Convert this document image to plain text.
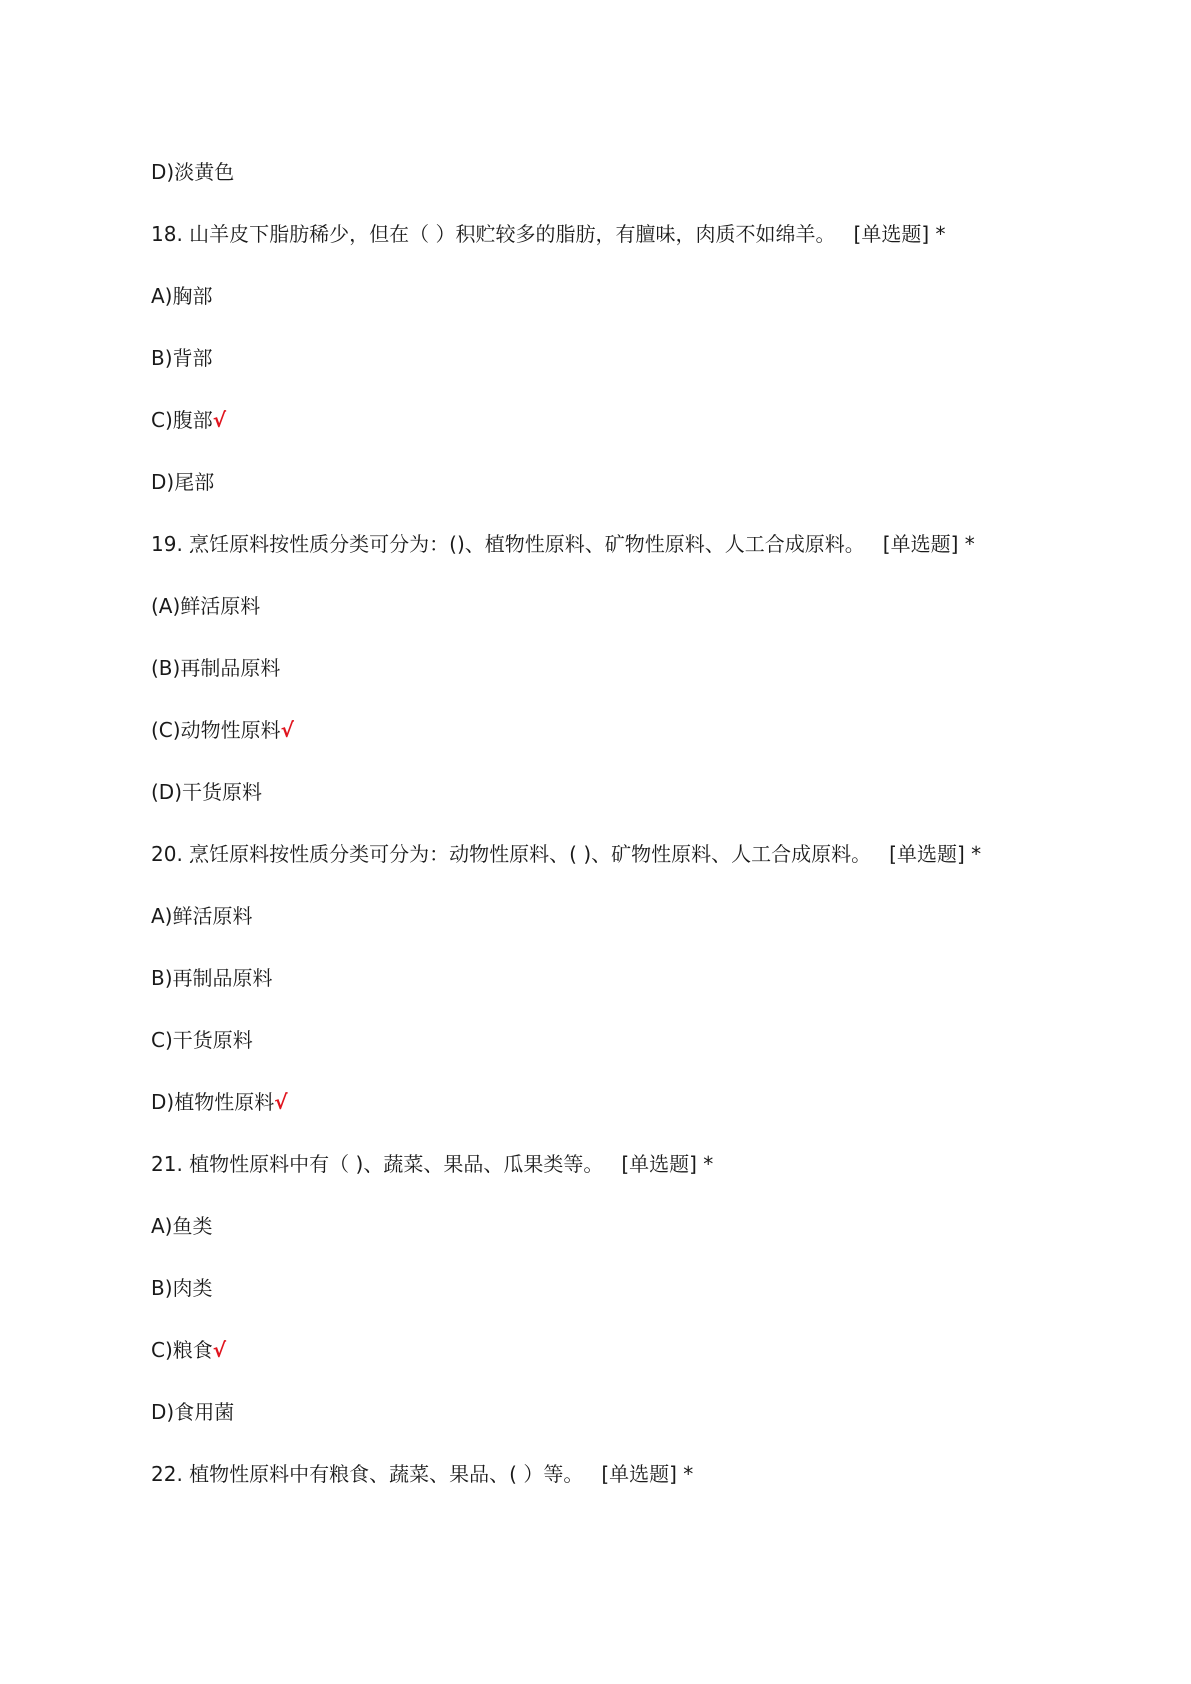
D)淡黄色
18. 山羊皮下脂肪稀少，但在（ ）积贮较多的脂肪，有膻味，肉质不如绵羊。 [单选题] *
A)胸部
B)背部
C)腹部√
D)尾部
19. 烹饪原料按性质分类可分为：()、植物性原料、矿物性原料、人工合成原料。 [单选题] *
(A)鲜活原料
(B)再制品原料
(C)动物性原料√
(D)干货原料
20. 烹饪原料按性质分类可分为：动物性原料、( )、矿物性原料、人工合成原料。 [单选题] *
A)鲜活原料
B)再制品原料
C)干货原料
D)植物性原料√
21. 植物性原料中有（ )、蔬菜、果品、瓜果类等。 [单选题] *
A)鱼类
B)肉类
C)粮食√
D)食用菌
22. 植物性原料中有粮食、蔬菜、果品、( ）等。 [单选题] *
